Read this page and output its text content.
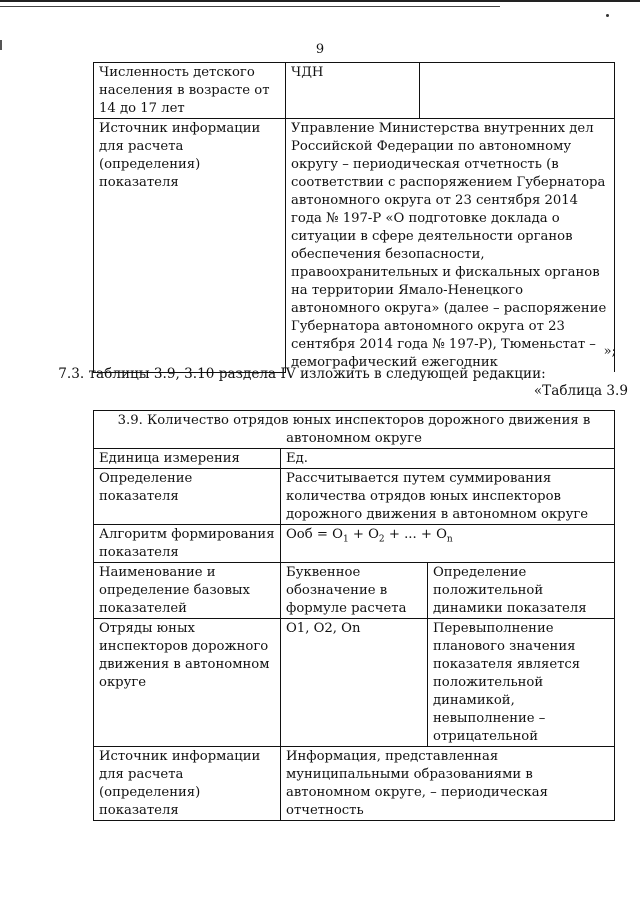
9
Численность детского населения в возрасте от 14 до 17 лет	ЧДН	
Источник информации для расчета (определения) показателя	Управление Министерства внутренних дел Российской Федерации по автономному округу – периодическая отчетность (в соответствии с распоряжением Губернатора автономного округа от 23 сентября 2014 года № 197-Р «О подготовке доклада о ситуации в сфере деятельности органов обеспечения безопасности, правоохранительных и фискальных органов на территории Ямало-Ненецкого автономного округа» (далее – распоряжение Губернатора автономного округа от 23 сентября 2014 года № 197-Р), Тюменьстат – демографический ежегодник	
»;
7.3. таблицы 3.9, 3.10 раздела IV изложить в следующей редакции:
«Таблица 3.9
3.9. Количество отрядов юных инспекторов дорожного движения в автономном округе		
Единица измерения	Ед.	
Определение показателя	Рассчитывается путем суммирования количества отрядов юных инспекторов дорожного движения в автономном округе	
Алгоритм формирования показателя	Ооб = $О_1 + О_2$ + ... + $О_n$
Наименование и определение базовых показателей	Буквенное обозначение в формуле расчета	Определение положительной динамики показателя
Отряды юных инспекторов дорожного движения в автономном округе	O1, O2, On	Перевыполнение планового значения показателя является положительной динамикой, невыполнение – отрицательной
Источник информации для расчета (определения) показателя	Информация, представленная муниципальными образованиями в автономном округе, – периодическая отчетность	
